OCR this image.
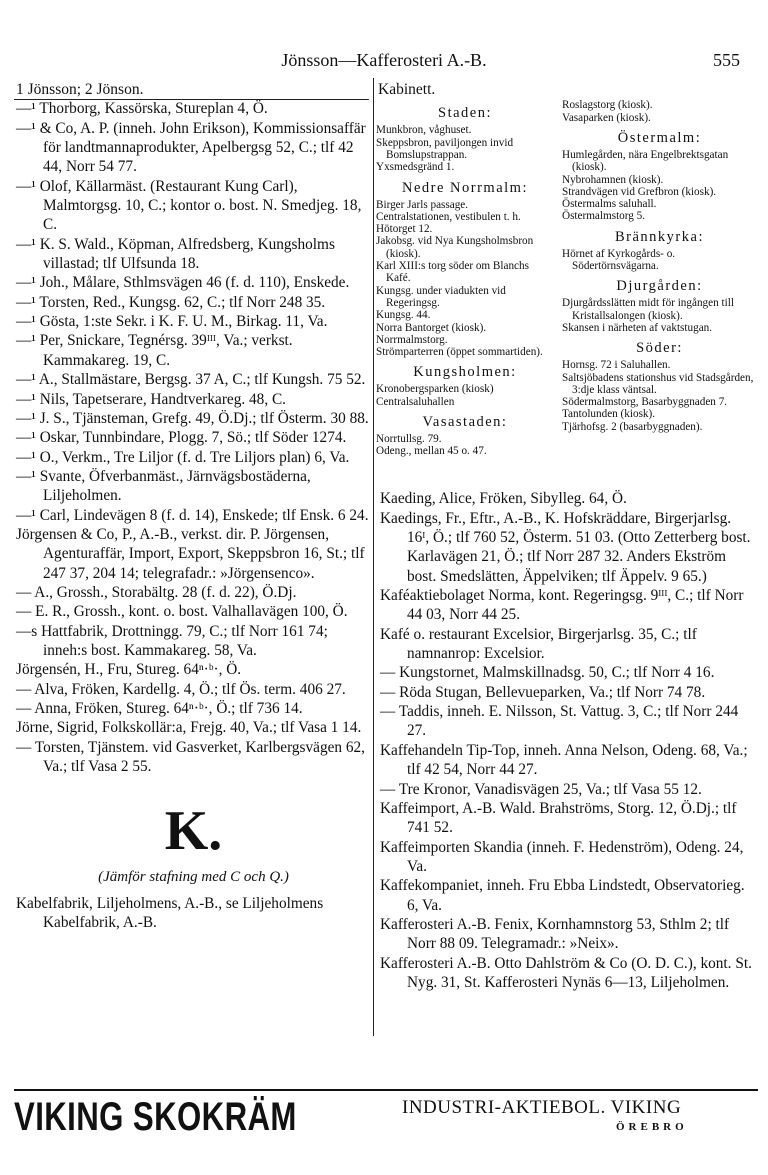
Jönsson—Kafferosteri A.-B.	555

1 Jönsson; 2 Jönson.

—¹ Thorborg, Kassörska, Stureplan 4, Ö.

—¹ & Co, A. P. (inneh. John Erikson), Kommissionsaffär för landtmannaprodukter, Apelbergsg 52, C.; tlf 42 44, Norr 54 77.

—¹ Olof, Källarmäst. (Restaurant Kung Carl), Malmtorgsg. 10, C.; kontor o. bost. N. Smedjeg. 18, C.

—¹ K. S. Wald., Köpman, Alfredsberg, Kungsholms villastad; tlf Ulfsunda 18.

—¹ Joh., Målare, Sthlmsvägen 46 (f. d. 110), Enskede.

—¹ Torsten, Red., Kungsg. 62, C.; tlf Norr 248 35.

—¹ Gösta, 1:ste Sekr. i K. F. U. M., Birkag. 11, Va.

—¹ Per, Snickare, Tegnérsg. 39ᴵᴵᴵ, Va.; verkst. Kammakareg. 19, C.

—¹ A., Stallmästare, Bergsg. 37 A, C.; tlf Kungsh. 75 52.

—¹ Nils, Tapetserare, Handtverkareg. 48, C.

—¹ J. S., Tjänsteman, Grefg. 49, Ö.Dj.; tlf Österm. 30 88.

—¹ Oskar, Tunnbindare, Plogg. 7, Sö.; tlf Söder 1274.

—¹ O., Verkm., Tre Liljor (f. d. Tre Liljors plan) 6, Va.

—¹ Svante, Öfverbanmäst., Järnvägsbostäderna, Liljeholmen.

—¹ Carl, Lindevägen 8 (f. d. 14), Enskede; tlf Ensk. 6 24.

Jörgensen & Co, P., A.-B., verkst. dir. P. Jörgensen, Agenturaffär, Import, Export, Skeppsbron 16, St.; tlf 247 37, 204 14; telegrafadr.: »Jörgensenco».

— A., Grossh., Storabältg. 28 (f. d. 22), Ö.Dj.

— E. R., Grossh., kont. o. bost. Valhallavägen 100, Ö.

—s Hattfabrik, Drottningg. 79, C.; tlf Norr 161 74; inneh:s bost. Kammakareg. 58, Va.

Jörgensén, H., Fru, Stureg. 64ⁿ·ᵇ·, Ö.

— Alva, Fröken, Kardellg. 4, Ö.; tlf Ös. term. 406 27.

— Anna, Fröken, Stureg. 64ⁿ·ᵇ·, Ö.; tlf 736 14.

Jörne, Sigrid, Folkskollär:a, Frejg. 40, Va.; tlf Vasa 1 14.

— Torsten, Tjänstem. vid Gasverket, Karlbergsvägen 62, Va.; tlf Vasa 2 55.

K.
(Jämför stafning med C och Q.)

Kabelfabrik, Liljeholmens, A.-B., se Liljeholmens Kabelfabrik, A.-B.

Kabinett.

Staden:

Munkbron, våghuset.

Skeppsbron, paviljongen invid Bomslupstrappan.

Yxsmedsgränd 1.

Nedre Norrmalm:

Birger Jarls passage.

Centralstationen, vestibulen t. h.

Hötorget 12.

Jakobsg. vid Nya Kungsholmsbron (kiosk).

Karl XIII:s torg söder om Blanchs Kafé.

Kungsg. under viadukten vid Regeringsg.

Kungsg. 44.

Norra Bantorget (kiosk).

Norrmalmstorg.

Strömparterren (öppet sommartiden).

Kungsholmen:

Kronobergsparken (kiosk)

Centralsaluhallen

Vasastaden:

Norrtullsg. 79.

Odeng., mellan 45 o. 47.

Roslagstorg (kiosk).

Vasaparken (kiosk).

Östermalm:

Humlegården, nära Engelbrektsgatan (kiosk).

Nybrohamnen (kiosk).

Strandvägen vid Grefbron (kiosk).

Östermalms saluhall.

Östermalmstorg 5.

Brännkyrka:

Hörnet af Kyrkogårds- o. Södertörnsvägarna.

Djurgården:

Djurgårdsslätten midt för ingången till Kristallsalongen (kiosk).

Skansen i närheten af vaktstugan.

Söder:

Hornsg. 72 i Saluhallen.

Saltsjöbadens stationshus vid Stadsgården, 3:dje klass väntsal.

Södermalmstorg, Basarbyggnaden 7.

Tantolunden (kiosk).

Tjärhofsg. 2 (basarbyggnaden).

Kaeding, Alice, Fröken, Sibylleg. 64, Ö.

Kaedings, Fr., Eftr., A.-B., K. Hofskräddare, Birgerjarlsg. 16ᴵ, Ö.; tlf 760 52, Österm. 51 03. (Otto Zetterberg bost. Karlavägen 21, Ö.; tlf Norr 287 32. Anders Ekström bost. Smedslätten, Äppelviken; tlf Äppelv. 9 65.)

Kaféaktiebolaget Norma, kont. Regeringsg. 9ᴵᴵᴵ, C.; tlf Norr 44 03, Norr 44 25.

Kafé o. restaurant Excelsior, Birgerjarlsg. 35, C.; tlf namnanrop: Excelsior.

— Kungstornet, Malmskillnadsg. 50, C.; tlf Norr 4 16.

— Röda Stugan, Bellevueparken, Va.; tlf Norr 74 78.

— Taddis, inneh. E. Nilsson, St. Vattug. 3, C.; tlf Norr 244 27.

Kaffehandeln Tip-Top, inneh. Anna Nelson, Odeng. 68, Va.; tlf 42 54, Norr 44 27.

— Tre Kronor, Vanadisvägen 25, Va.; tlf Vasa 55 12.

Kaffeimport, A.-B. Wald. Brahströms, Storg. 12, Ö.Dj.; tlf 741 52.

Kaffeimporten Skandia (inneh. F. Hedenström), Odeng. 24, Va.

Kaffekompaniet, inneh. Fru Ebba Lindstedt, Observatorieg. 6, Va.

Kafferosteri A.-B. Fenix, Kornhamnstorg 53, Sthlm 2; tlf Norr 88 09. Telegramadr.: »Neix».

Kafferosteri A.-B. Otto Dahlström & Co (O. D. C.), kont. St. Nyg. 31, St. Kafferosteri Nynäs 6—13, Liljeholmen.

VIKING SKOKRÄM	INDUSTRI-AKTIEBOL. VIKING
ÖREBRO
